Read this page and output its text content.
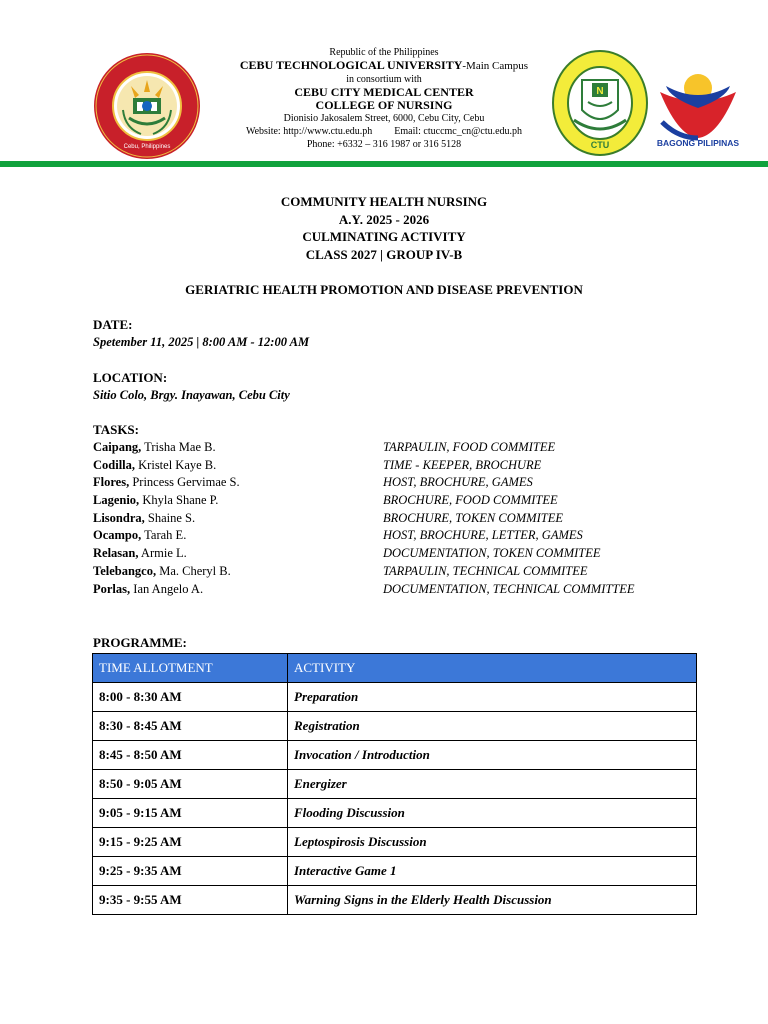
Cebu, Philippines
Republic of the Philippines
CEBU TECHNOLOGICAL UNIVERSITY-Main Campus
in consortium with
CEBU CITY MEDICAL CENTER
COLLEGE OF NURSING
Dionisio Jakosalem Street, 6000, Cebu City, Cebu
Website: http://www.ctu.edu.ph Email: ctuccmc_cn@ctu.edu.ph
Phone: +6332 – 316 1987 or 316 5128
N
CTU	BAGONG PILIPINAS
COMMUNITY HEALTH NURSING
A.Y. 2025 - 2026
CULMINATING ACTIVITY
CLASS 2027 | GROUP IV-B
GERIATRIC HEALTH PROMOTION AND DISEASE PREVENTION
DATE:
Spetember 11, 2025 | 8:00 AM - 12:00 AM
LOCATION:
Sitio Colo, Brgy. Inayawan, Cebu City
TASKS:
Caipang, Trisha Mae B.	TARPAULIN, FOOD COMMITEE
Codilla, Kristel Kaye B.	TIME - KEEPER, BROCHURE
Flores, Princess Gervimae S.	HOST, BROCHURE, GAMES
Lagenio, Khyla Shane P.	BROCHURE, FOOD COMMITEE
Lisondra, Shaine S.	BROCHURE, TOKEN COMMITEE
Ocampo, Tarah E.	HOST, BROCHURE, LETTER, GAMES
Relasan, Armie L.	DOCUMENTATION, TOKEN COMMITEE
Telebangco, Ma. Cheryl B.	TARPAULIN, TECHNICAL COMMITEE
Porlas, Ian Angelo A.	DOCUMENTATION, TECHNICAL COMMITTEE
PROGRAMME:
TIME ALLOTMENT	ACTIVITY
8:00 - 8:30 AM	Preparation
8:30 - 8:45 AM	Registration
8:45 - 8:50 AM	Invocation / Introduction
8:50 - 9:05 AM	Energizer
9:05 - 9:15 AM	Flooding Discussion
9:15 - 9:25 AM	Leptospirosis Discussion
9:25 - 9:35 AM	Interactive Game 1
9:35 - 9:55 AM	Warning Signs in the Elderly Health Discussion
